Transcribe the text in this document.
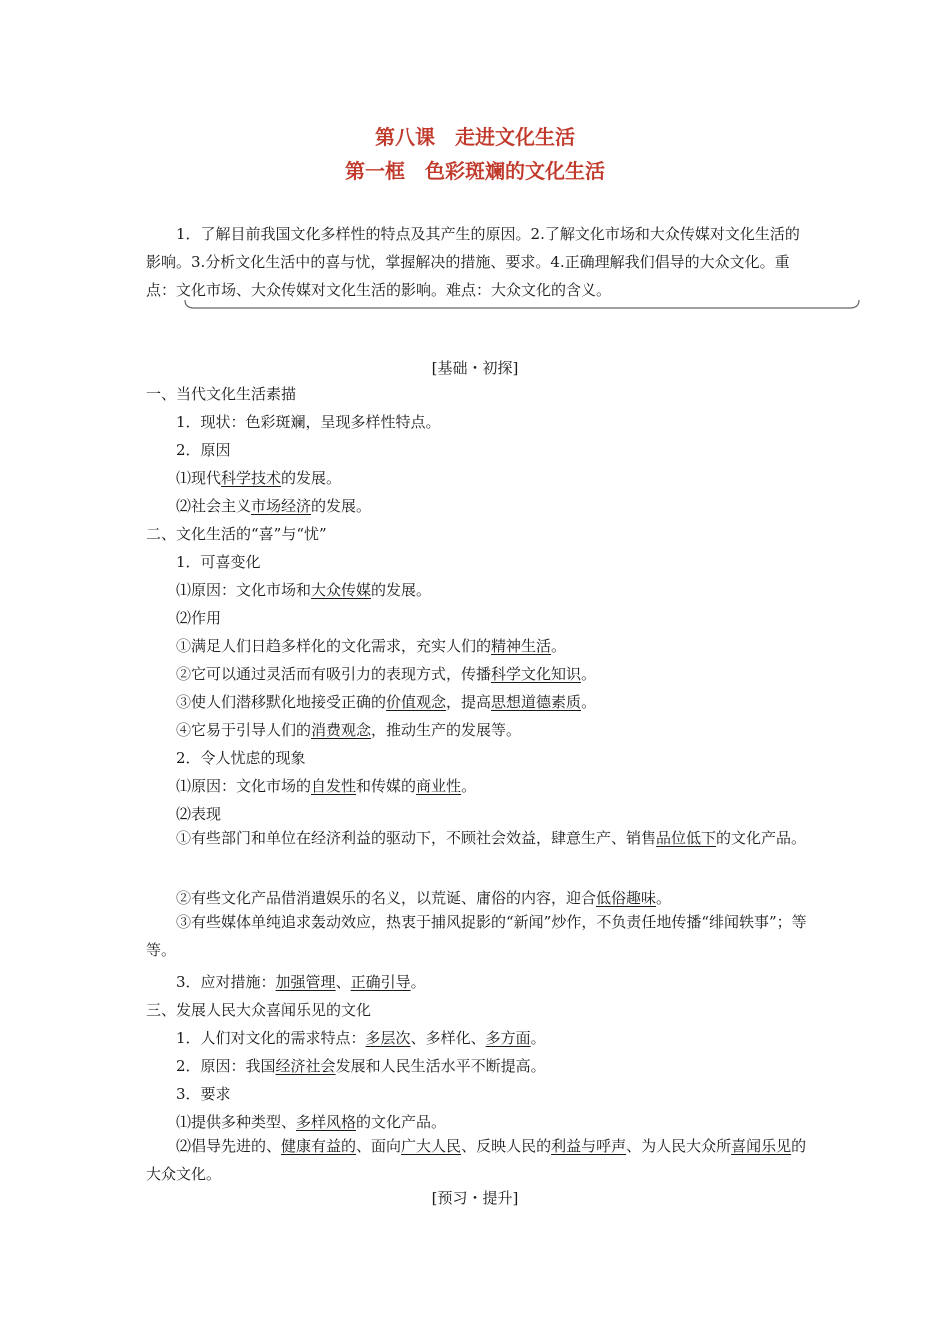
第八课　走进文化生活
第一框　色彩斑斓的文化生活
1．了解目前我国文化多样性的特点及其产生的原因。2.了解文化市场和大众传媒对文化生活的影响。3.分析文化生活中的喜与忧，掌握解决的措施、要求。4.正确理解我们倡导的大众文化。重点：文化市场、大众传媒对文化生活的影响。难点：大众文化的含义。
[基础・初探]
一、当代文化生活素描
1．现状：色彩斑斓，呈现多样性特点。
2．原因
⑴现代科学技术的发展。
⑵社会主义市场经济的发展。
二、文化生活的“喜”与“忧”
1．可喜变化
⑴原因：文化市场和大众传媒的发展。
⑵作用
①满足人们日趋多样化的文化需求，充实人们的精神生活。
②它可以通过灵活而有吸引力的表现方式，传播科学文化知识。
③使人们潜移默化地接受正确的价值观念，提高思想道德素质。
④它易于引导人们的消费观念，推动生产的发展等。
2．令人忧虑的现象
⑴原因：文化市场的自发性和传媒的商业性。
⑵表现
①有些部门和单位在经济利益的驱动下，不顾社会效益，肆意生产、销售品位低下的文化产品。
②有些文化产品借消遣娱乐的名义，以荒诞、庸俗的内容，迎合低俗趣味。
③有些媒体单纯追求轰动效应，热衷于捕风捉影的“新闻”炒作，不负责任地传播“绯闻轶事”；等等。
3．应对措施：加强管理、正确引导。
三、发展人民大众喜闻乐见的文化
1．人们对文化的需求特点：多层次、多样化、多方面。
2．原因：我国经济社会发展和人民生活水平不断提高。
3．要求
⑴提供多种类型、多样风格的文化产品。
⑵倡导先进的、健康有益的、面向广大人民、反映人民的利益与呼声、为人民大众所喜闻乐见的大众文化。
[预习・提升]
